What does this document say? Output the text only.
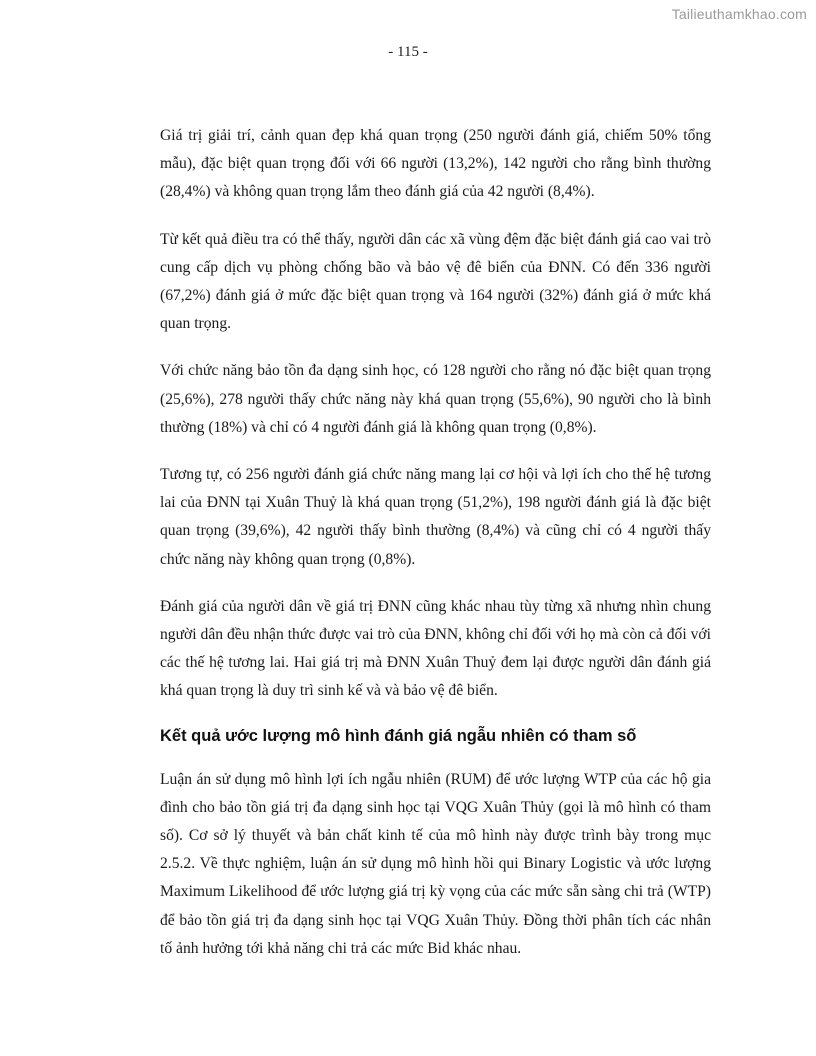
Tailieuthamkhao.com
- 115 -

Giá trị giải trí, cảnh quan đẹp khá quan trọng (250 người đánh giá, chiếm 50% tổng mẫu), đặc biệt quan trọng đối với 66 người (13,2%), 142 người cho rằng bình thường (28,4%) và không quan trọng lắm theo đánh giá của 42 người (8,4%).

Từ kết quả điều tra có thể thấy, người dân các xã vùng đệm đặc biệt đánh giá cao vai trò cung cấp dịch vụ phòng chống bão và bảo vệ đê biển của ĐNN. Có đến 336 người (67,2%) đánh giá ở mức đặc biệt quan trọng và 164 người (32%) đánh giá ở mức khá quan trọng.

Với chức năng bảo tồn đa dạng sinh học, có 128 người cho rằng nó đặc biệt quan trọng (25,6%), 278 người thấy chức năng này khá quan trọng (55,6%), 90 người cho là bình thường (18%) và chỉ có 4 người đánh giá là không quan trọng (0,8%).

Tương tự, có 256 người đánh giá chức năng mang lại cơ hội và lợi ích cho thế hệ tương lai của ĐNN tại Xuân Thuỷ là khá quan trọng (51,2%), 198 người đánh giá là đặc biệt quan trọng (39,6%), 42 người thấy bình thường (8,4%) và cũng chỉ có 4 người thấy chức năng này không quan trọng (0,8%).

Đánh giá của người dân về giá trị ĐNN cũng khác nhau tùy từng xã nhưng nhìn chung người dân đều nhận thức được vai trò của ĐNN, không chỉ đối với họ mà còn cả đối với các thế hệ tương lai. Hai giá trị mà ĐNN Xuân Thuỷ đem lại được người dân đánh giá khá quan trọng là duy trì sinh kế và và bảo vệ đê biển.

Kết quả ước lượng mô hình đánh giá ngẫu nhiên có tham số

Luận án sử dụng mô hình lợi ích ngẫu nhiên (RUM) để ước lượng WTP của các hộ gia đình cho bảo tồn giá trị đa dạng sinh học tại VQG Xuân Thủy (gọi là mô hình có tham số). Cơ sở lý thuyết và bản chất kinh tế của mô hình này được trình bày trong mục 2.5.2. Về thực nghiệm, luận án sử dụng mô hình hồi qui Binary Logistic và ước lượng Maximum Likelihood để ước lượng giá trị kỳ vọng của các mức sẵn sàng chi trả (WTP) để bảo tồn giá trị đa dạng sinh học tại VQG Xuân Thủy. Đồng thời phân tích các nhân tố ảnh hưởng tới khả năng chi trả các mức Bid khác nhau.
